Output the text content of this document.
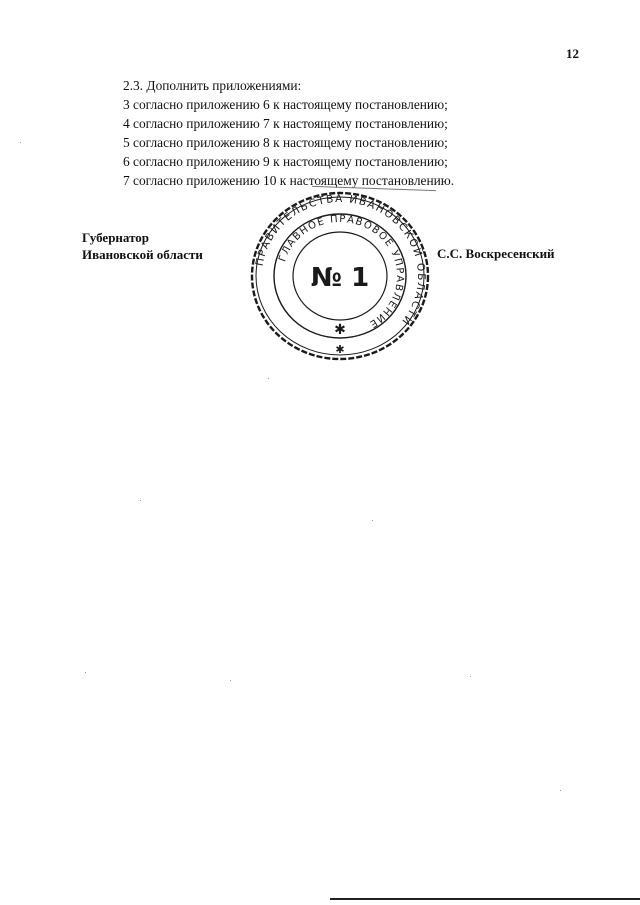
12
2.3. Дополнить приложениями:
3 согласно приложению 6 к настоящему постановлению;
4 согласно приложению 7 к настоящему постановлению;
5 согласно приложению 8 к настоящему постановлению;
6 согласно приложению 9 к настоящему постановлению;
7 согласно приложению 10 к настоящему постановлению.
Губернатор
Ивановской области	С.С. Воскресенский
ПРАВИТЕЛЬСТВА ИВАНОВСКОЙ ОБЛАСТИ
ГЛАВНОЕ ПРАВОВОЕ УПРАВЛЕНИЕ
✱
✱
№ 1
